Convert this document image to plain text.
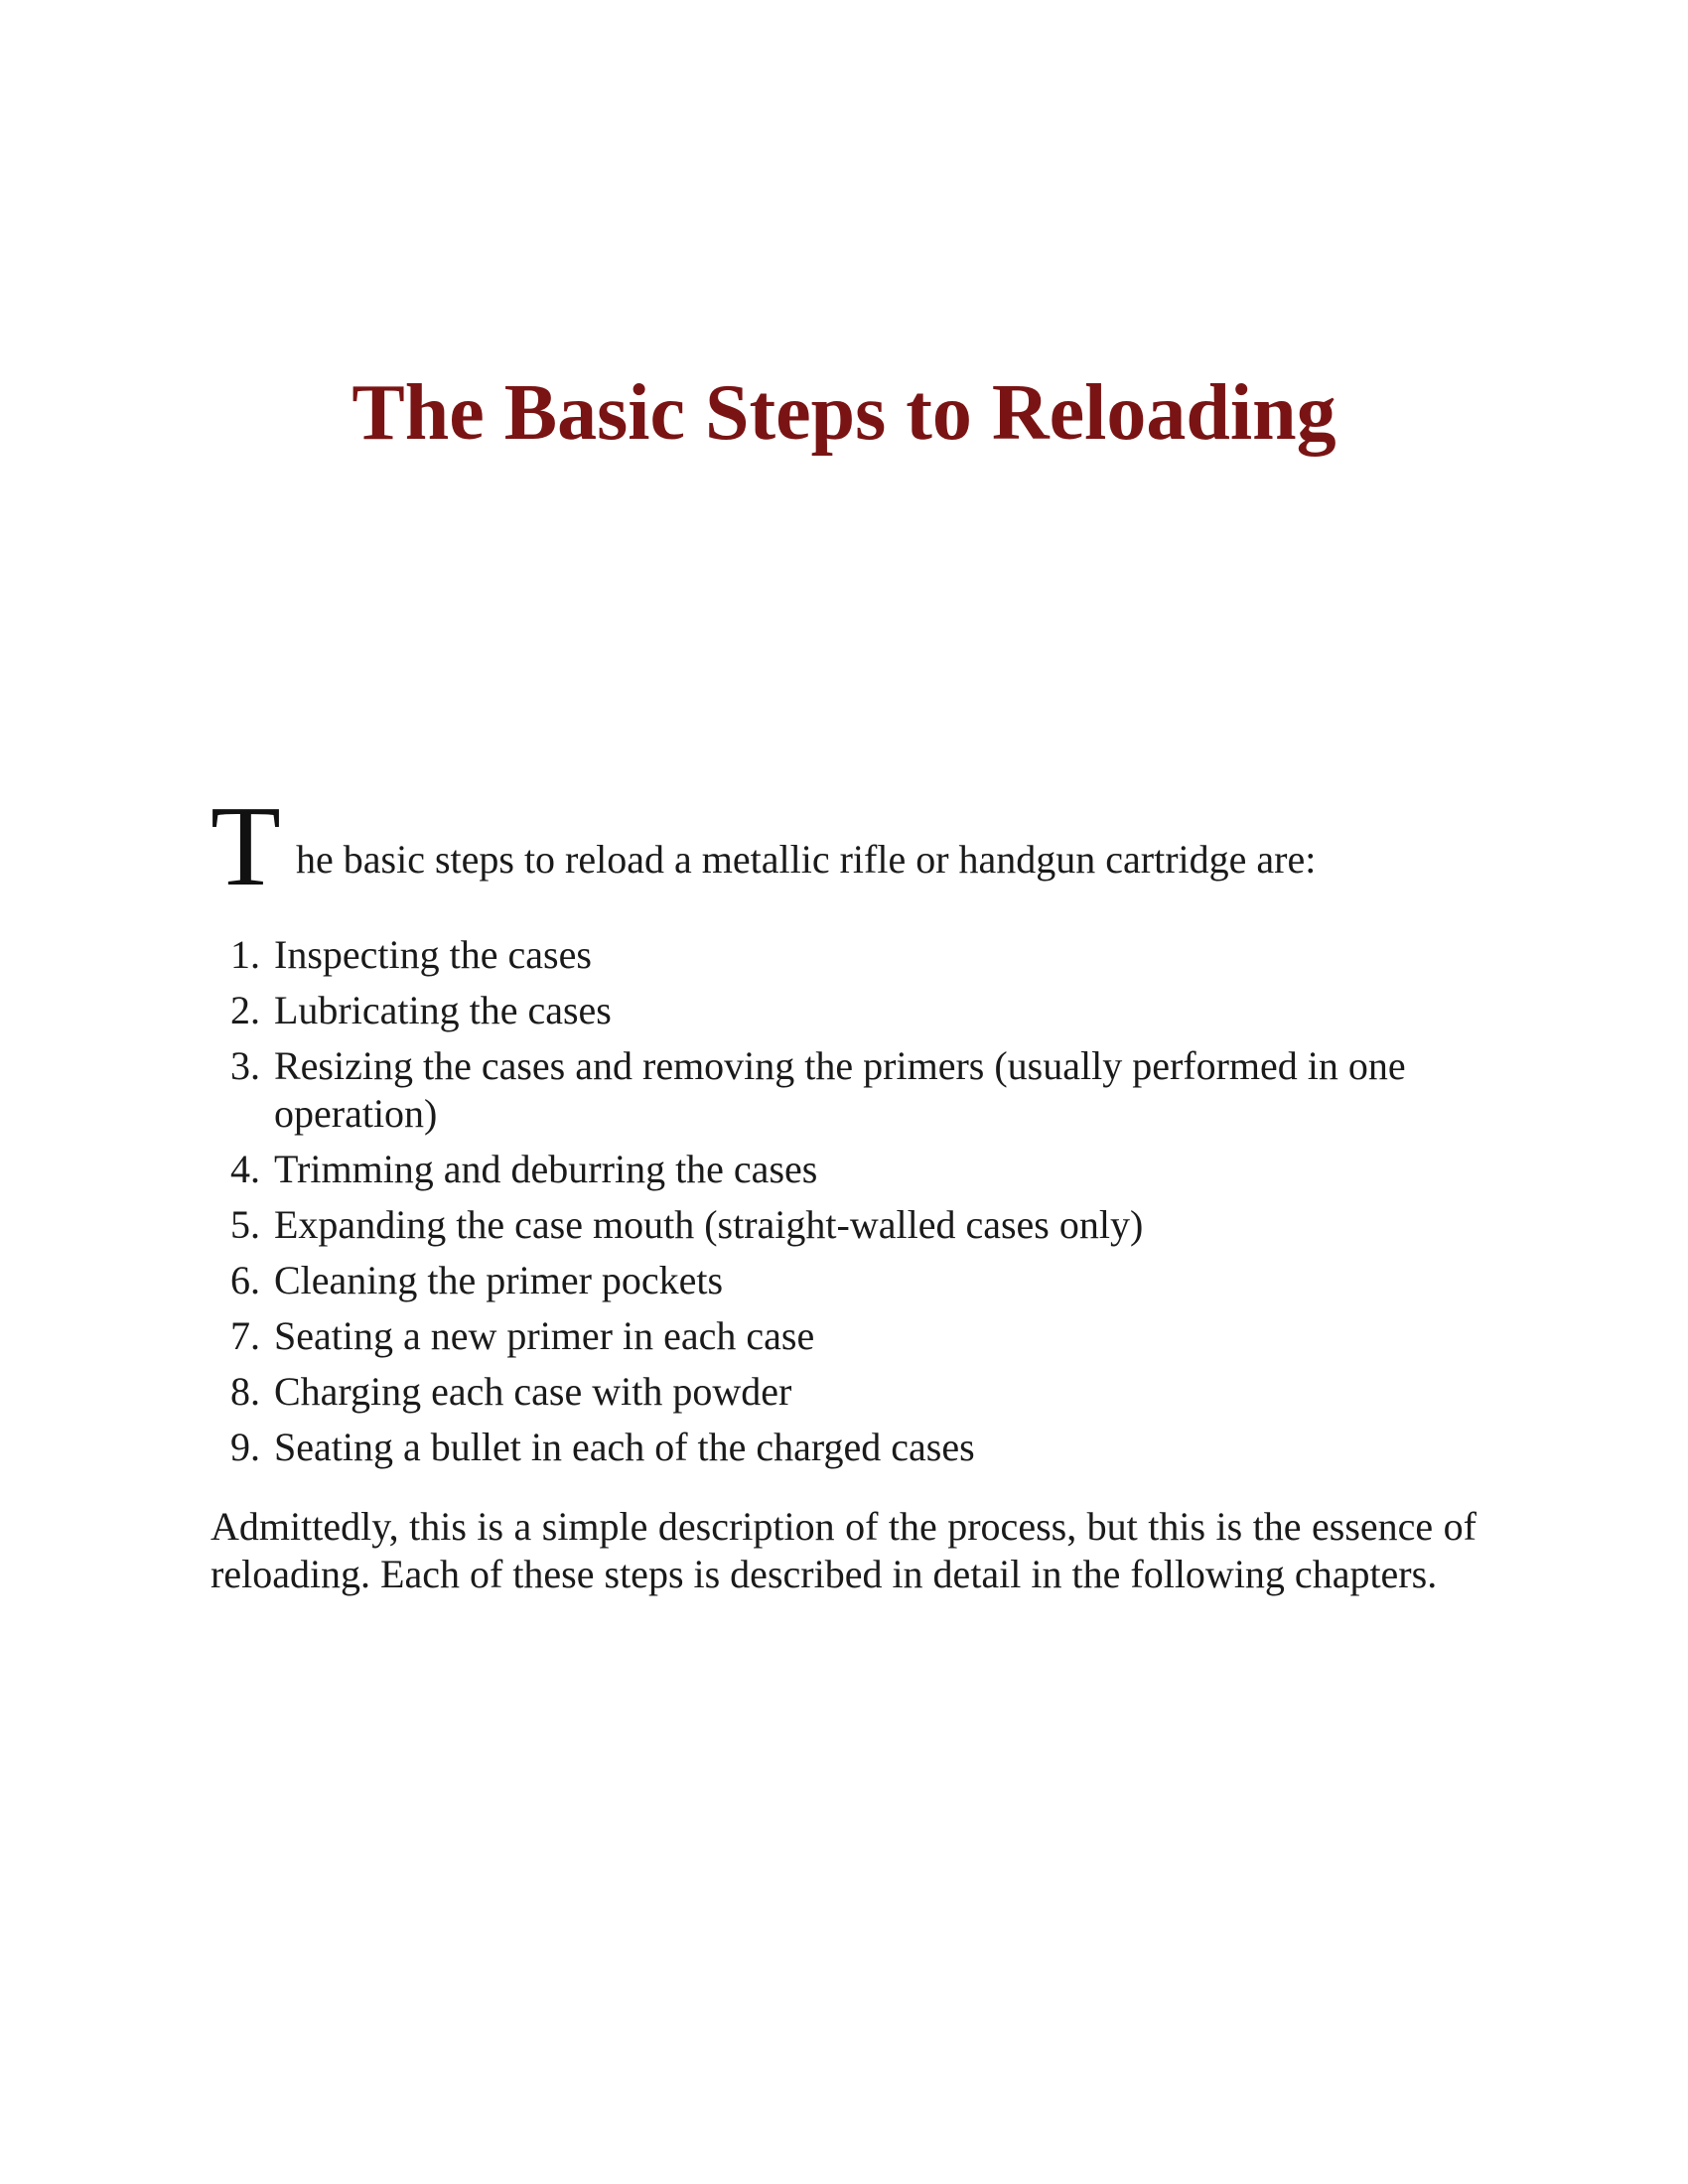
The Basic Steps to Reloading
T he basic steps to reload a metallic rifle or handgun cartridge are:
1. Inspecting the cases
2. Lubricating the cases
3. Resizing the cases and removing the primers (usually performed in one operation)
4. Trimming and deburring the cases
5. Expanding the case mouth (straight-walled cases only)
6. Cleaning the primer pockets
7. Seating a new primer in each case
8. Charging each case with powder
9. Seating a bullet in each of the charged cases

Admittedly, this is a simple description of the process, but this is the essence of reloading. Each of these steps is described in detail in the following chapters.
